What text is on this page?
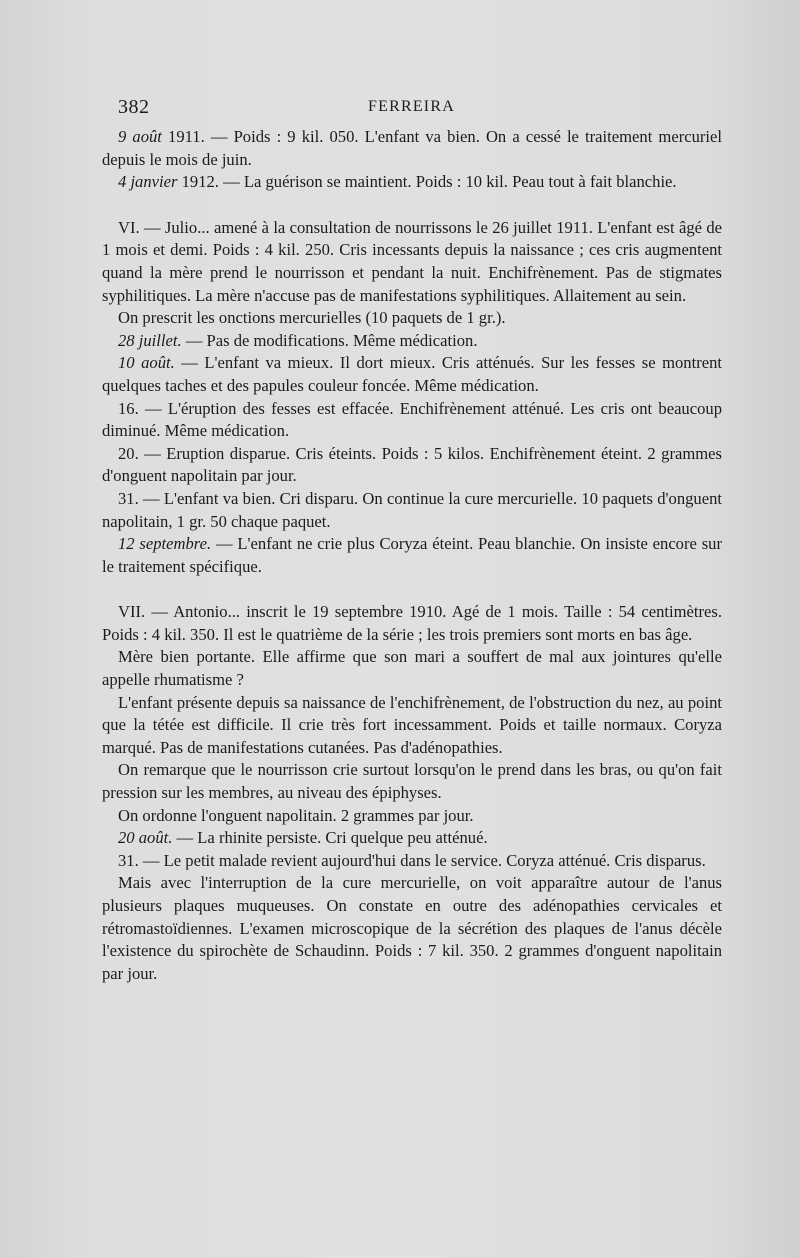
382	FERREIRA

9 août 1911. — Poids : 9 kil. 050. L'enfant va bien. On a cessé le traitement mercuriel depuis le mois de juin.

4 janvier 1912. — La guérison se maintient. Poids : 10 kil. Peau tout à fait blanchie.

VI. — Julio... amené à la consultation de nourrissons le 26 juillet 1911. L'enfant est âgé de 1 mois et demi. Poids : 4 kil. 250. Cris incessants depuis la naissance ; ces cris augmentent quand la mère prend le nourrisson et pendant la nuit. Enchifrènement. Pas de stigmates syphilitiques. La mère n'accuse pas de manifestations syphilitiques. Allaitement au sein.

On prescrit les onctions mercurielles (10 paquets de 1 gr.).

28 juillet. — Pas de modifications. Même médication.

10 août. — L'enfant va mieux. Il dort mieux. Cris atténués. Sur les fesses se montrent quelques taches et des papules couleur foncée. Même médication.

16. — L'éruption des fesses est effacée. Enchifrènement atténué. Les cris ont beaucoup diminué. Même médication.

20. — Eruption disparue. Cris éteints. Poids : 5 kilos. Enchifrènement éteint. 2 grammes d'onguent napolitain par jour.

31. — L'enfant va bien. Cri disparu. On continue la cure mercurielle. 10 paquets d'onguent napolitain, 1 gr. 50 chaque paquet.

12 septembre. — L'enfant ne crie plus Coryza éteint. Peau blanchie. On insiste encore sur le traitement spécifique.

VII. — Antonio... inscrit le 19 septembre 1910. Agé de 1 mois. Taille : 54 centimètres. Poids : 4 kil. 350. Il est le quatrième de la série ; les trois premiers sont morts en bas âge.

Mère bien portante. Elle affirme que son mari a souffert de mal aux jointures qu'elle appelle rhumatisme ?

L'enfant présente depuis sa naissance de l'enchifrènement, de l'obstruction du nez, au point que la tétée est difficile. Il crie très fort incessamment. Poids et taille normaux. Coryza marqué. Pas de manifestations cutanées. Pas d'adénopathies.

On remarque que le nourrisson crie surtout lorsqu'on le prend dans les bras, ou qu'on fait pression sur les membres, au niveau des épiphyses.

On ordonne l'onguent napolitain. 2 grammes par jour.

20 août. — La rhinite persiste. Cri quelque peu atténué.

31. — Le petit malade revient aujourd'hui dans le service. Coryza atténué. Cris disparus.

Mais avec l'interruption de la cure mercurielle, on voit apparaître autour de l'anus plusieurs plaques muqueuses. On constate en outre des adénopathies cervicales et rétromastoïdiennes. L'examen microscopique de la sécrétion des plaques de l'anus décèle l'existence du spirochète de Schaudinn. Poids : 7 kil. 350. 2 grammes d'onguent napolitain par jour.
